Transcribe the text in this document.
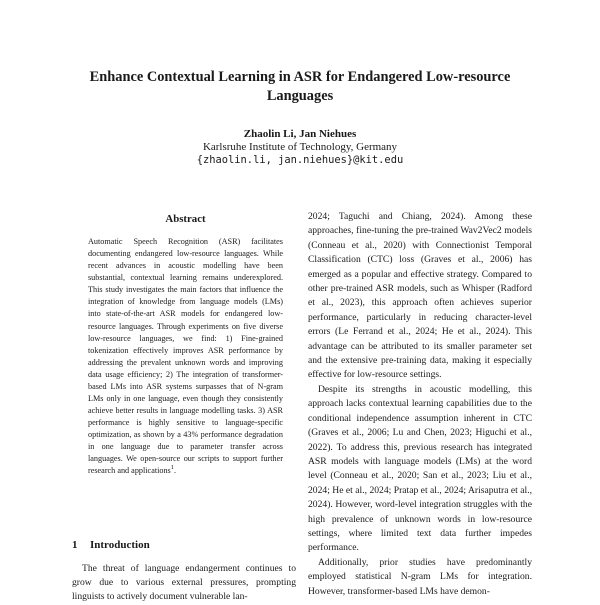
Enhance Contextual Learning in ASR for Endangered Low-resource Languages
Zhaolin Li, Jan Niehues
Karlsruhe Institute of Technology, Germany
{zhaolin.li, jan.niehues}@kit.edu
Abstract
Automatic Speech Recognition (ASR) facilitates documenting endangered low-resource languages. While recent advances in acoustic modelling have been substantial, contextual learning remains underexplored. This study investigates the main factors that influence the integration of knowledge from language models (LMs) into state-of-the-art ASR models for endangered low-resource languages. Through experiments on five diverse low-resource languages, we find: 1) Fine-grained tokenization effectively improves ASR performance by addressing the prevalent unknown words and improving data usage efficiency; 2) The integration of transformer-based LMs into ASR systems surpasses that of N-gram LMs only in one language, even though they consistently achieve better results in language modelling tasks. 3) ASR performance is highly sensitive to language-specific optimization, as shown by a 43% performance degradation in one language due to parameter transfer across languages. We open-source our scripts to support further research and applications$^1$.
1 Introduction

The threat of language endangerment continues to grow due to various external pressures, prompting linguists to actively document vulnerable lan-

2024; Taguchi and Chiang, 2024). Among these approaches, fine-tuning the pre-trained Wav2Vec2 models (Conneau et al., 2020) with Connectionist Temporal Classification (CTC) loss (Graves et al., 2006) has emerged as a popular and effective strategy. Compared to other pre-trained ASR models, such as Whisper (Radford et al., 2023), this approach often achieves superior performance, particularly in reducing character-level errors (Le Ferrand et al., 2024; He et al., 2024). This advantage can be attributed to its smaller parameter set and the extensive pre-training data, making it especially effective for low-resource settings.

Despite its strengths in acoustic modelling, this approach lacks contextual learning capabilities due to the conditional independence assumption inherent in CTC (Graves et al., 2006; Lu and Chen, 2023; Higuchi et al., 2022). To address this, previous research has integrated ASR models with language models (LMs) at the word level (Conneau et al., 2020; San et al., 2023; Liu et al., 2024; He et al., 2024; Pratap et al., 2024; Arisaputra et al., 2024). However, word-level integration struggles with the high prevalence of unknown words in low-resource settings, where limited text data further impedes performance.

Additionally, prior studies have predominantly employed statistical N-gram LMs for integration. However, transformer-based LMs have demon-
